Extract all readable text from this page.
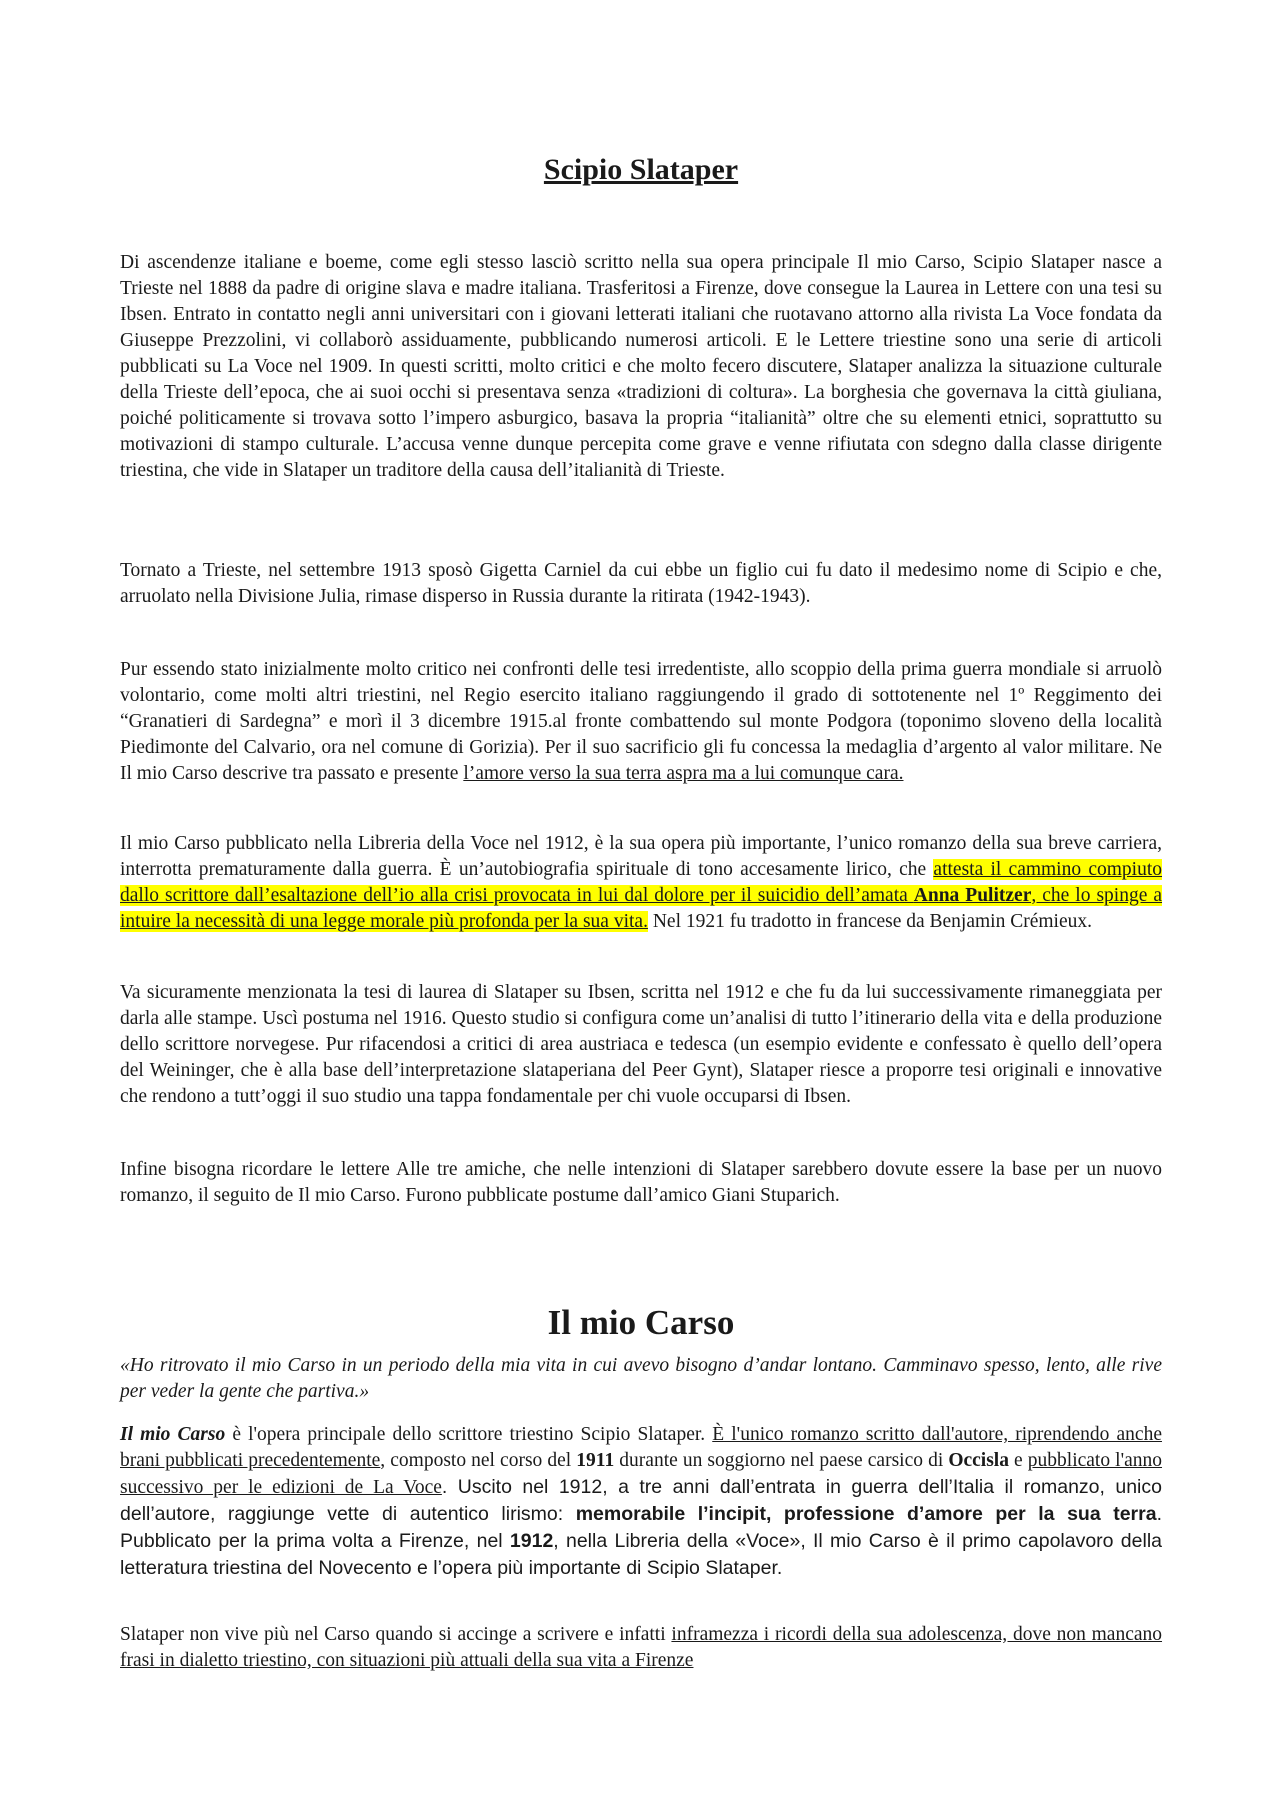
Scipio Slataper

Di ascendenze italiane e boeme, come egli stesso lasciò scritto nella sua opera principale Il mio Carso, Scipio Slataper nasce a Trieste nel 1888 da padre di origine slava e madre italiana. Trasferitosi a Firenze, dove consegue la Laurea in Lettere con una tesi su Ibsen. Entrato in contatto negli anni universitari con i giovani letterati italiani che ruotavano attorno alla rivista La Voce fondata da Giuseppe Prezzolini, vi collaborò assiduamente, pubblicando numerosi articoli. E le Lettere triestine sono una serie di articoli pubblicati su La Voce nel 1909. In questi scritti, molto critici e che molto fecero discutere, Slataper analizza la situazione culturale della Trieste dell’epoca, che ai suoi occhi si presentava senza «tradizioni di coltura». La borghesia che governava la città giuliana, poiché politicamente si trovava sotto l’impero asburgico, basava la propria “italianità” oltre che su elementi etnici, soprattutto su motivazioni di stampo culturale. L’accusa venne dunque percepita come grave e venne rifiutata con sdegno dalla classe dirigente triestina, che vide in Slataper un traditore della causa dell’italianità di Trieste.

Tornato a Trieste, nel settembre 1913 sposò Gigetta Carniel da cui ebbe un figlio cui fu dato il medesimo nome di Scipio e che, arruolato nella Divisione Julia, rimase disperso in Russia durante la ritirata (1942-1943).

Pur essendo stato inizialmente molto critico nei confronti delle tesi irredentiste, allo scoppio della prima guerra mondiale si arruolò volontario, come molti altri triestini, nel Regio esercito italiano raggiungendo il grado di sottotenente nel 1º Reggimento dei “Granatieri di Sardegna” e morì il 3 dicembre 1915.al fronte combattendo sul monte Podgora (toponimo sloveno della località Piedimonte del Calvario, ora nel comune di Gorizia). Per il suo sacrificio gli fu concessa la medaglia d’argento al valor militare. Ne Il mio Carso descrive tra passato e presente l’amore verso la sua terra aspra ma a lui comunque cara.

Il mio Carso pubblicato nella Libreria della Voce nel 1912, è la sua opera più importante, l’unico romanzo della sua breve carriera, interrotta prematuramente dalla guerra. È un’autobiografia spirituale di tono accesamente lirico, che attesta il cammino compiuto dallo scrittore dall’esaltazione dell’io alla crisi provocata in lui dal dolore per il suicidio dell’amata Anna Pulitzer, che lo spinge a intuire la necessità di una legge morale più profonda per la sua vita. Nel 1921 fu tradotto in francese da Benjamin Crémieux.

Va sicuramente menzionata la tesi di laurea di Slataper su Ibsen, scritta nel 1912 e che fu da lui successivamente rimaneggiata per darla alle stampe. Uscì postuma nel 1916. Questo studio si configura come un’analisi di tutto l’itinerario della vita e della produzione dello scrittore norvegese. Pur rifacendosi a critici di area austriaca e tedesca (un esempio evidente e confessato è quello dell’opera del Weininger, che è alla base dell’interpretazione slataperiana del Peer Gynt), Slataper riesce a proporre tesi originali e innovative che rendono a tutt’oggi il suo studio una tappa fondamentale per chi vuole occuparsi di Ibsen.

Infine bisogna ricordare le lettere Alle tre amiche, che nelle intenzioni di Slataper sarebbero dovute essere la base per un nuovo romanzo, il seguito de Il mio Carso. Furono pubblicate postume dall’amico Giani Stuparich.

Il mio Carso

«Ho ritrovato il mio Carso in un periodo della mia vita in cui avevo bisogno d’andar lontano. Camminavo spesso, lento, alle rive per veder la gente che partiva.»

Il mio Carso è l'opera principale dello scrittore triestino Scipio Slataper. È l'unico romanzo scritto dall'autore, riprendendo anche brani pubblicati precedentemente, composto nel corso del 1911 durante un soggiorno nel paese carsico di Occisla e pubblicato l'anno successivo per le edizioni de La Voce. Uscito nel 1912, a tre anni dall’entrata in guerra dell’Italia il romanzo, unico dell’autore, raggiunge vette di autentico lirismo: memorabile l’incipit, professione d’amore per la sua terra. Pubblicato per la prima volta a Firenze, nel 1912, nella Libreria della «Voce», Il mio Carso è il primo capolavoro della letteratura triestina del Novecento e l’opera più importante di Scipio Slataper.

Slataper non vive più nel Carso quando si accinge a scrivere e infatti inframezza i ricordi della sua adolescenza, dove non mancano frasi in dialetto triestino, con situazioni più attuali della sua vita a Firenze
